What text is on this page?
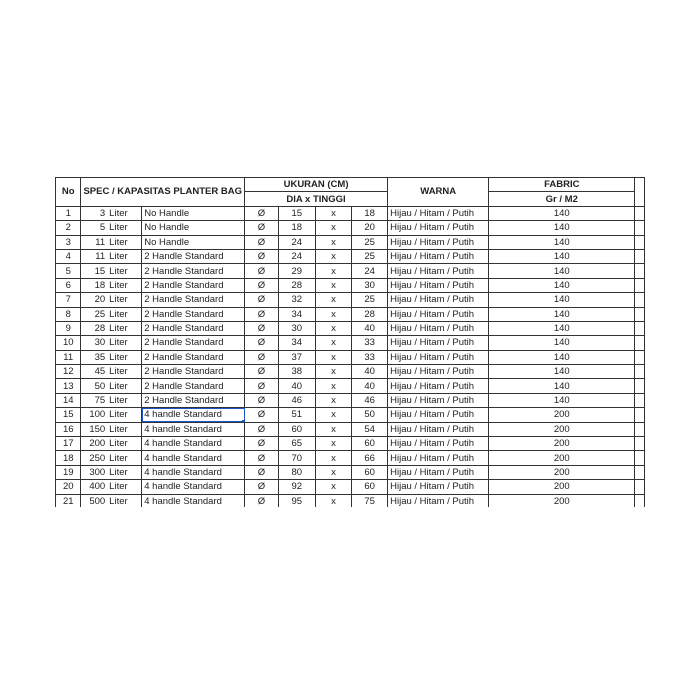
No	SPEC / KAPASITAS PLANTER BAG			UKURAN (CM)				WARNA	FABRIC	
				DIA x TINGGI					Gr / M2	
1	3	Liter	No Handle	Ø	15	x	18	Hijau / Hitam / Putih	140	
2	5	Liter	No Handle	Ø	18	x	20	Hijau / Hitam / Putih	140	
3	11	Liter	No Handle	Ø	24	x	25	Hijau / Hitam / Putih	140	
4	11	Liter	2 Handle Standard	Ø	24	x	25	Hijau / Hitam / Putih	140	
5	15	Liter	2 Handle Standard	Ø	29	x	24	Hijau / Hitam / Putih	140	
6	18	Liter	2 Handle Standard	Ø	28	x	30	Hijau / Hitam / Putih	140	
7	20	Liter	2 Handle Standard	Ø	32	x	25	Hijau / Hitam / Putih	140	
8	25	Liter	2 Handle Standard	Ø	34	x	28	Hijau / Hitam / Putih	140	
9	28	Liter	2 Handle Standard	Ø	30	x	40	Hijau / Hitam / Putih	140	
10	30	Liter	2 Handle Standard	Ø	34	x	33	Hijau / Hitam / Putih	140	
11	35	Liter	2 Handle Standard	Ø	37	x	33	Hijau / Hitam / Putih	140	
12	45	Liter	2 Handle Standard	Ø	38	x	40	Hijau / Hitam / Putih	140	
13	50	Liter	2 Handle Standard	Ø	40	x	40	Hijau / Hitam / Putih	140	
14	75	Liter	2 Handle Standard	Ø	46	x	46	Hijau / Hitam / Putih	140	
15	100	Liter	4 handle Standard	Ø	51	x	50	Hijau / Hitam / Putih	200	
16	150	Liter	4 handle Standard	Ø	60	x	54	Hijau / Hitam / Putih	200	
17	200	Liter	4 handle Standard	Ø	65	x	60	Hijau / Hitam / Putih	200	
18	250	Liter	4 handle Standard	Ø	70	x	66	Hijau / Hitam / Putih	200	
19	300	Liter	4 handle Standard	Ø	80	x	60	Hijau / Hitam / Putih	200	
20	400	Liter	4 handle Standard	Ø	92	x	60	Hijau / Hitam / Putih	200	
21	500	Liter	4 handle Standard	Ø	95	x	75	Hijau / Hitam / Putih	200	
